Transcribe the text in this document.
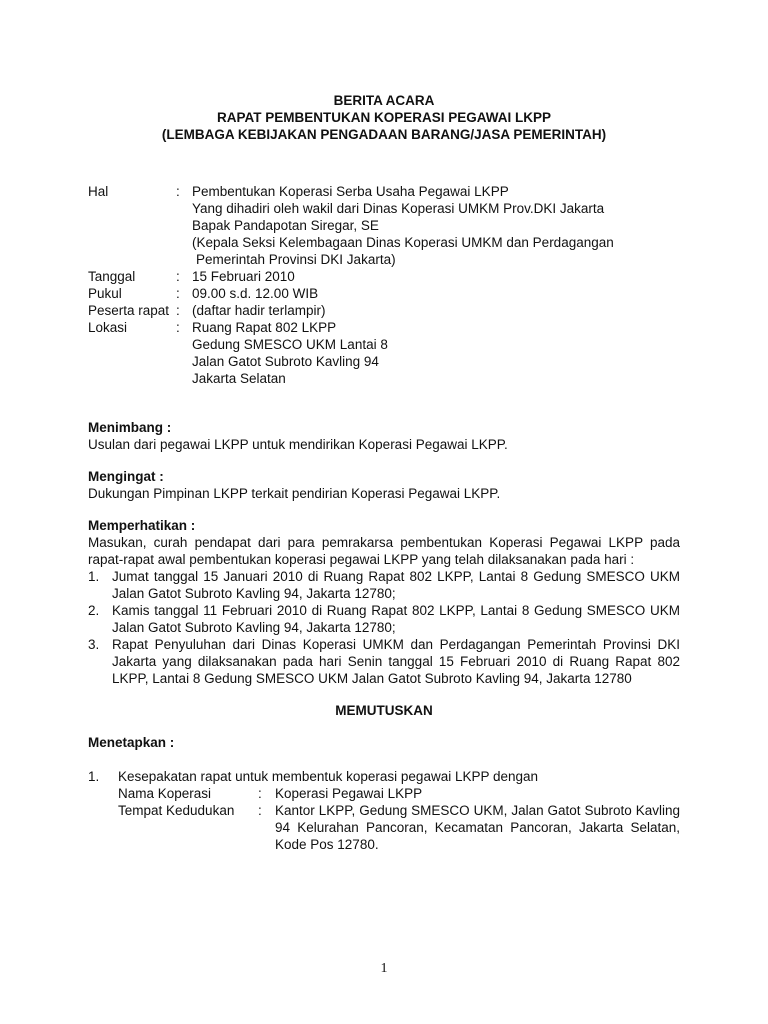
BERITA ACARA
RAPAT PEMBENTUKAN KOPERASI PEGAWAI LKPP
(LEMBAGA KEBIJAKAN PENGADAAN BARANG/JASA PEMERINTAH)
Hal	: Pembentukan Koperasi Serba Usaha Pegawai LKPP
Yang dihadiri oleh wakil dari Dinas Koperasi UMKM Prov.DKI Jakarta
Bapak Pandapotan Siregar, SE
(Kepala Seksi Kelembagaan Dinas Koperasi UMKM dan Perdagangan
Pemerintah Provinsi DKI Jakarta)
Tanggal	: 15 Februari 2010
Pukul	: 09.00 s.d. 12.00 WIB
Peserta rapat : (daftar hadir terlampir)
Lokasi	: Ruang Rapat 802 LKPP
Gedung SMESCO UKM Lantai 8
Jalan Gatot Subroto Kavling 94
Jakarta Selatan
Menimbang :
Usulan dari pegawai LKPP untuk mendirikan Koperasi Pegawai LKPP.
Mengingat :
Dukungan Pimpinan LKPP terkait pendirian Koperasi Pegawai LKPP.
Memperhatikan :
Masukan, curah pendapat dari para pemrakarsa pembentukan Koperasi Pegawai LKPP pada rapat-rapat awal pembentukan koperasi pegawai LKPP yang telah dilaksanakan pada hari :
1. Jumat tanggal 15 Januari 2010 di Ruang Rapat 802 LKPP, Lantai 8 Gedung SMESCO UKM Jalan Gatot Subroto Kavling 94, Jakarta 12780;
2. Kamis tanggal 11 Februari 2010 di Ruang Rapat 802 LKPP, Lantai 8 Gedung SMESCO UKM Jalan Gatot Subroto Kavling 94, Jakarta 12780;
3. Rapat Penyuluhan dari Dinas Koperasi UMKM dan Perdagangan Pemerintah Provinsi DKI Jakarta yang dilaksanakan pada hari Senin tanggal 15 Februari 2010 di Ruang Rapat 802 LKPP, Lantai 8 Gedung SMESCO UKM Jalan Gatot Subroto Kavling 94, Jakarta 12780
MEMUTUSKAN
Menetapkan :
1.	Kesepakatan rapat untuk membentuk koperasi pegawai LKPP dengan
Nama Koperasi	: Koperasi Pegawai LKPP
Tempat Kedudukan	: Kantor LKPP, Gedung SMESCO UKM, Jalan Gatot Subroto Kavling 94 Kelurahan Pancoran, Kecamatan Pancoran, Jakarta Selatan, Kode Pos 12780.
1
